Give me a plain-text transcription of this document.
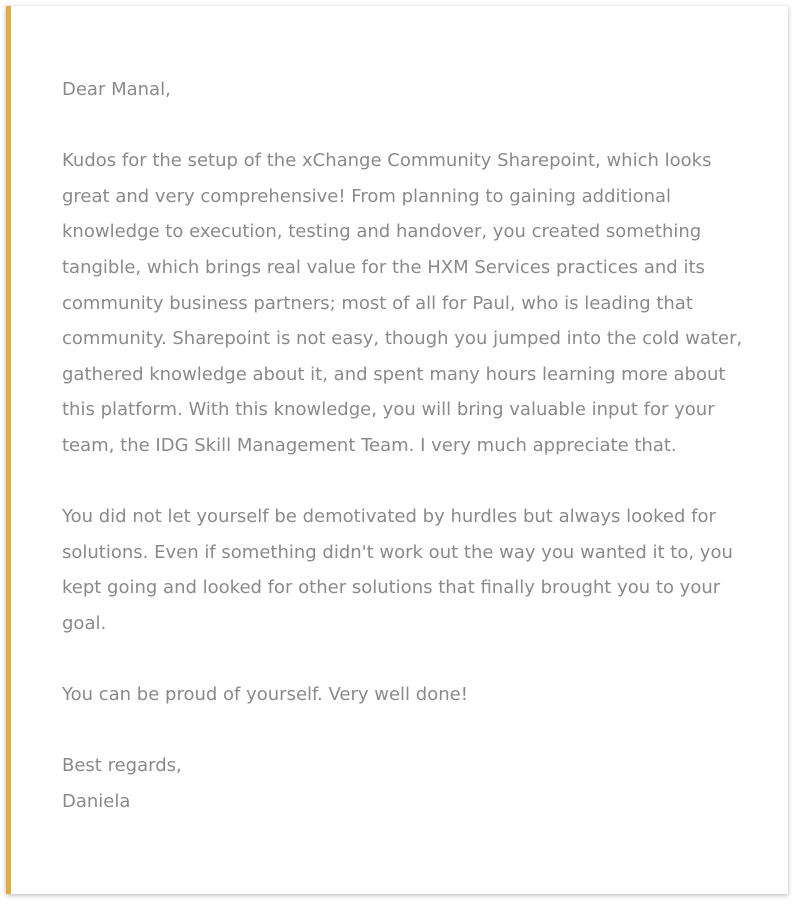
Dear Manal,

Kudos for the setup of the xChange Community Sharepoint, which looks great and very comprehensive! From planning to gaining additional knowledge to execution, testing and handover, you created something tangible, which brings real value for the HXM Services practices and its community business partners; most of all for Paul, who is leading that community. Sharepoint is not easy, though you jumped into the cold water, gathered knowledge about it, and spent many hours learning more about this platform. With this knowledge, you will bring valuable input for your team, the IDG Skill Management Team. I very much appreciate that.

You did not let yourself be demotivated by hurdles but always looked for solutions. Even if something didn't work out the way you wanted it to, you kept going and looked for other solutions that finally brought you to your goal.

You can be proud of yourself. Very well done!

Best regards,

Daniela
